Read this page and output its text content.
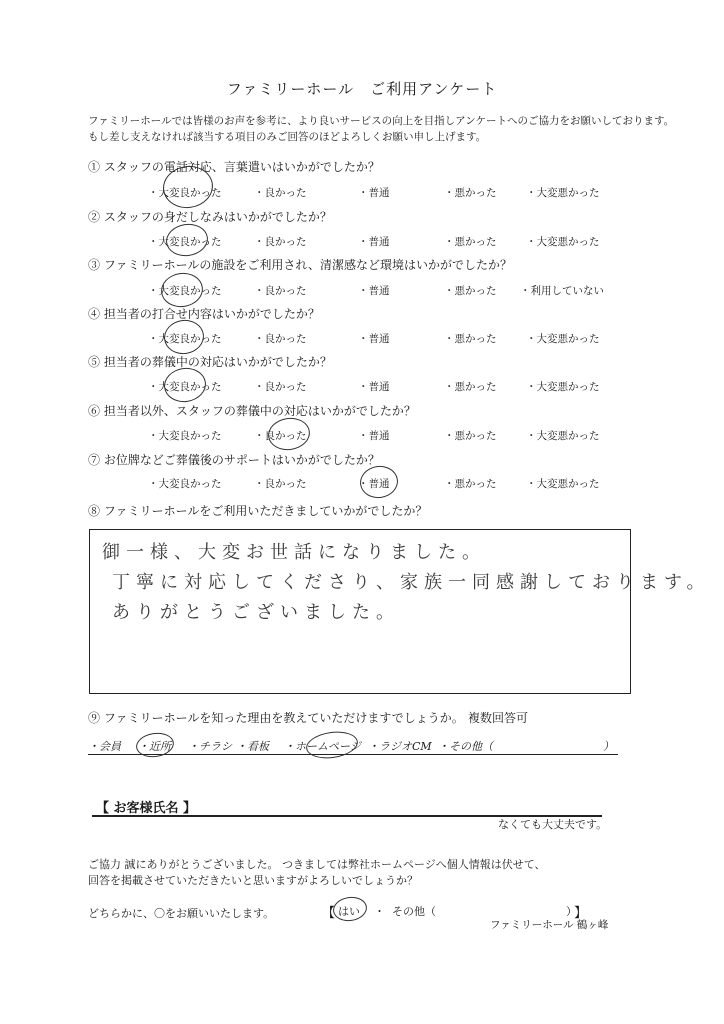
ファミリーホール　ご利用アンケート
ファミリーホールでは皆様のお声を参考に、より良いサービスの向上を目指しアンケートへのご協力をお願いしております。
もし差し支えなければ該当する項目のみご回答のほどよろしくお願い申し上げます。
① スタッフの電話対応、言葉遣いはいかがでしたか？
・大変良かった	・良かった	・普通	・悪かった	・大変悪かった
② スタッフの身だしなみはいかがでしたか？
・大変良かった	・良かった	・普通	・悪かった	・大変悪かった
③ ファミリーホールの施設をご利用され、清潔感など環境はいかがでしたか？
・大変良かった	・良かった	・普通	・悪かった ・利用していない
④ 担当者の打合せ内容はいかがでしたか？
・大変良かった	・良かった	・普通	・悪かった	・大変悪かった
⑤ 担当者の葬儀中の対応はいかがでしたか？
・大変良かった	・良かった	・普通	・悪かった	・大変悪かった
⑥ 担当者以外、スタッフの葬儀中の対応はいかがでしたか？
・大変良かった	・良かった	・普通	・悪かった	・大変悪かった
⑦ お位牌などご葬儀後のサポートはいかがでしたか？
・大変良かった	・良かった	・普通	・悪かった	・大変悪かった
⑧ ファミリーホールをご利用いただきましていかがでしたか？
御一様、大変お世話になりました。
丁寧に対応してくださり、家族一同感謝しております。
ありがとうございました。
⑨ ファミリーホールを知った理由を教えていただけますでしょうか。 複数回答可
・会員 ・近所 ・チラシ ・看板 ・ホームページ ・ラジオCM ・その他（	）
【 お客様氏名 】
なくても大丈夫です。
ご協力 誠にありがとうございました。 つきましては弊社ホームページへ個人情報は伏せて、
回答を掲載させていただきたいと思いますがよろしいでしょうか？
どちらかに、〇をお願いいたします。	【 はい ・ その他（	）
】
ファミリーホール 鶴ヶ峰
